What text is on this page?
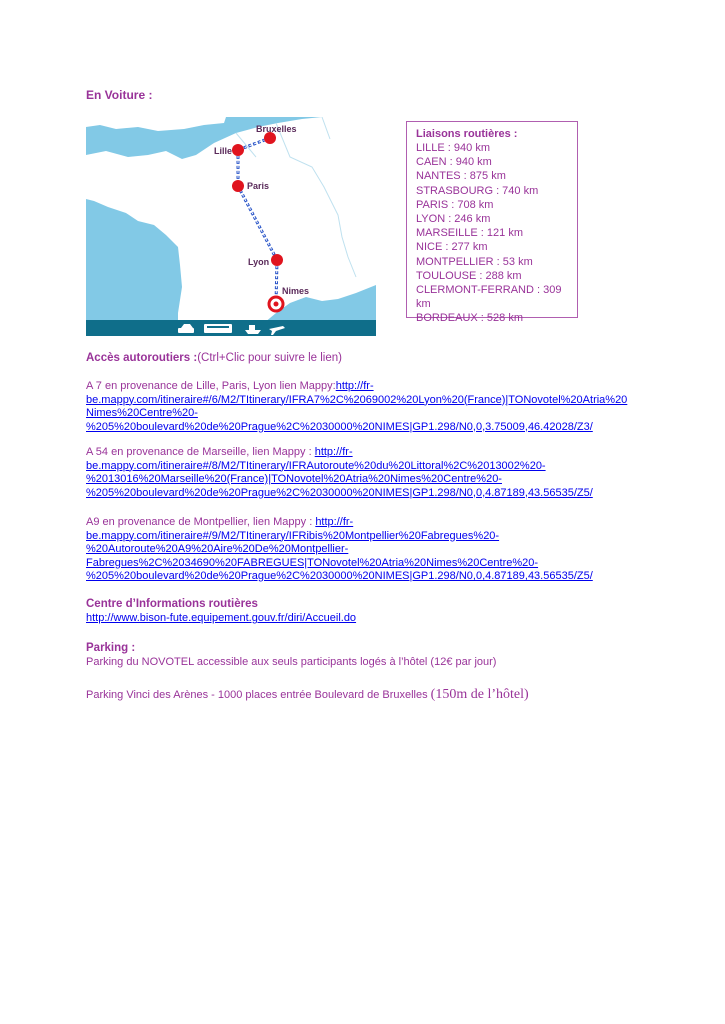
En Voiture :
Bruxelles
Lille
Paris
Lyon
Nimes
Liaisons routières :
LILLE : 940 km
CAEN : 940 km
NANTES : 875 km
STRASBOURG : 740 km
PARIS : 708 km
LYON : 246 km
MARSEILLE : 121 km
NICE : 277 km
MONTPELLIER : 53 km
TOULOUSE : 288 km
CLERMONT-FERRAND : 309 km
BORDEAUX : 528 km
Accès autoroutiers :(Ctrl+Clic pour suivre le lien)
A 7 en provenance de Lille, Paris, Lyon lien Mappy:http://fr-
be.mappy.com/itineraire#/6/M2/TItinerary/IFRA7%2C%2069002%20Lyon%20(France)|TONovotel%20Atria%20
Nimes%20Centre%20-
%205%20boulevard%20de%20Prague%2C%2030000%20NIMES|GP1.298/N0,0,3.75009,46.42028/Z3/
A 54 en provenance de Marseille, lien Mappy : http://fr-
be.mappy.com/itineraire#/8/M2/TItinerary/IFRAutoroute%20du%20Littoral%2C%2013002%20-
%2013016%20Marseille%20(France)|TONovotel%20Atria%20Nimes%20Centre%20-
%205%20boulevard%20de%20Prague%2C%2030000%20NIMES|GP1.298/N0,0,4.87189,43.56535/Z5/
A9 en provenance de Montpellier, lien Mappy : http://fr-
be.mappy.com/itineraire#/9/M2/TItinerary/IFRibis%20Montpellier%20Fabregues%20-
%20Autoroute%20A9%20Aire%20De%20Montpellier-
Fabregues%2C%2034690%20FABREGUES|TONovotel%20Atria%20Nimes%20Centre%20-
%205%20boulevard%20de%20Prague%2C%2030000%20NIMES|GP1.298/N0,0,4.87189,43.56535/Z5/
Centre d’Informations routières
http://www.bison-fute.equipement.gouv.fr/diri/Accueil.do
Parking :
Parking du NOVOTEL accessible aux seuls participants logés à l’hôtel (12€ par jour)
Parking Vinci des Arènes - 1000 places entrée Boulevard de Bruxelles (150m de l’hôtel)
